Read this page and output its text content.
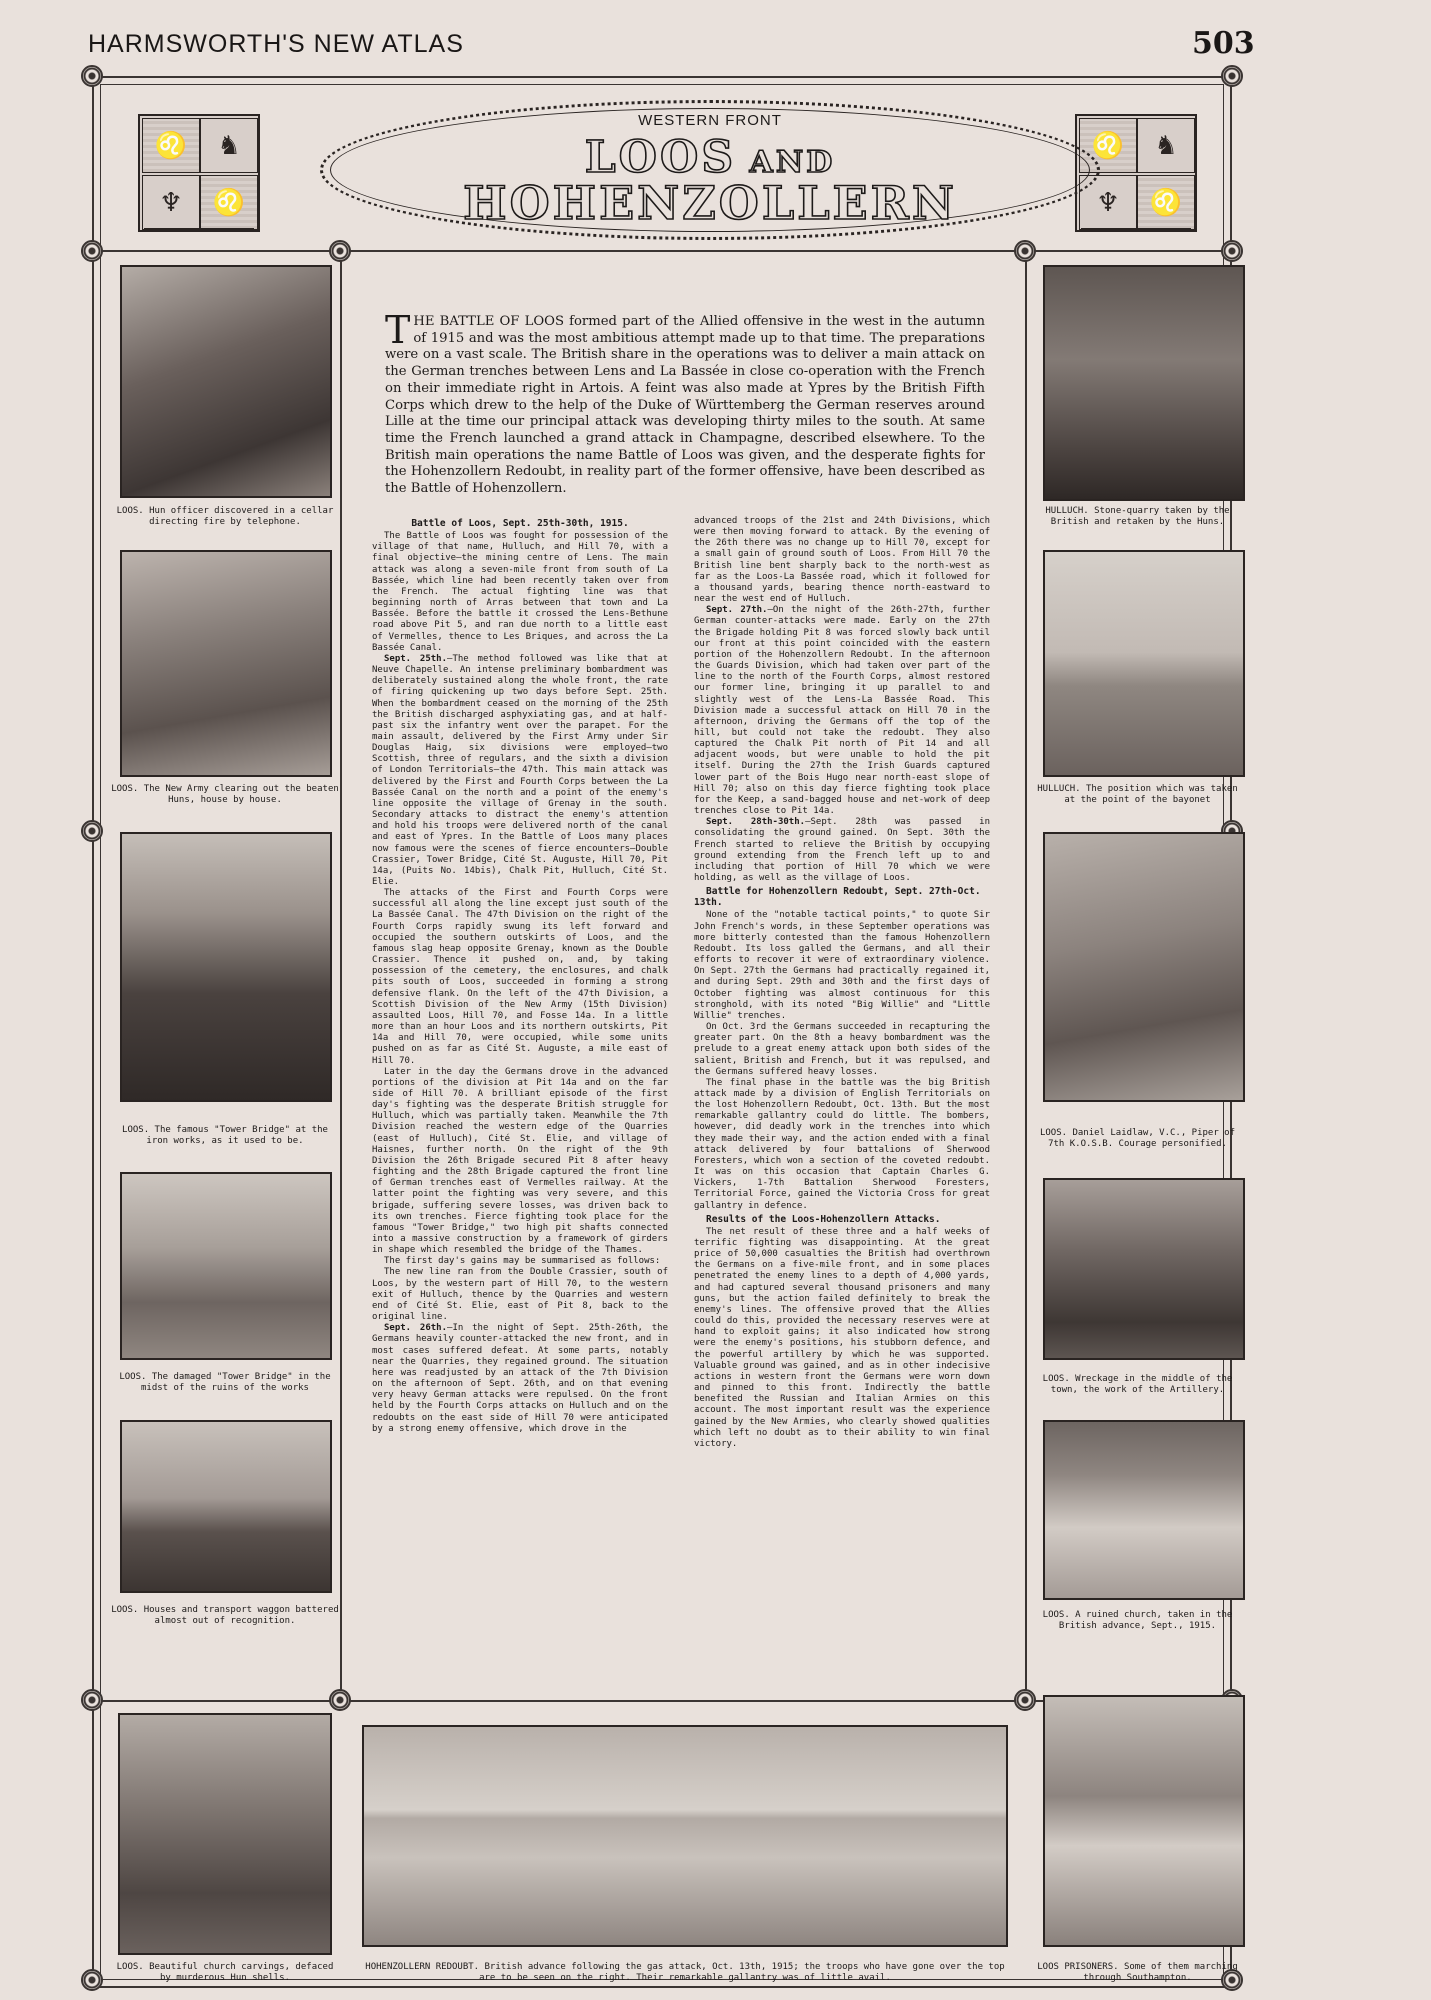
HARMSWORTH'S NEW ATLAS	503
♌	♞
♆	♌
♌	♞
♆	♌
WESTERN FRONT
LOOS AND
HOHENZOLLERN
LOOS. Hun officer discovered in a cellar directing fire by telephone.
LOOS. The New Army clearing out the beaten Huns, house by house.
LOOS. The famous "Tower Bridge" at the iron works, as it used to be.
LOOS. The damaged "Tower Bridge" in the midst of the ruins of the works
LOOS. Houses and transport waggon battered almost out of recognition.
HULLUCH. Stone-quarry taken by the British and retaken by the Huns.
HULLUCH. The position which was taken at the point of the bayonet
LOOS. Daniel Laidlaw, V.C., Piper of 7th K.O.S.B. Courage personified.
LOOS. Wreckage in the middle of the town, the work of the Artillery.
LOOS. A ruined church, taken in the British advance, Sept., 1915.
LOOS. Beautiful church carvings, defaced by murderous Hun shells.
HOHENZOLLERN REDOUBT. British advance following the gas attack, Oct. 13th, 1915; the troops who have gone over the top are to be seen on the right. Their remarkable gallantry was of little avail.
LOOS PRISONERS. Some of them marching through Southampton.
THE BATTLE OF LOOS formed part of the Allied offensive in the west in the autumn of 1915 and was the most ambitious attempt made up to that time. The preparations were on a vast scale. The British share in the operations was to deliver a main attack on the German trenches between Lens and La Bassée in close co-operation with the French on their immediate right in Artois. A feint was also made at Ypres by the British Fifth Corps which drew to the help of the Duke of Württemberg the German reserves around Lille at the time our principal attack was developing thirty miles to the south. At same time the French launched a grand attack in Champagne, described elsewhere. To the British main operations the name Battle of Loos was given, and the desperate fights for the Hohenzollern Redoubt, in reality part of the former offensive, have been described as the Battle of Hohenzollern.
Battle of Loos, Sept. 25th-30th, 1915.

The Battle of Loos was fought for possession of the village of that name, Hulluch, and Hill 70, with a final objective—the mining centre of Lens. The main attack was along a seven-mile front from south of La Bassée, which line had been recently taken over from the French. The actual fighting line was that beginning north of Arras between that town and La Bassée. Before the battle it crossed the Lens-Bethune road above Pit 5, and ran due north to a little east of Vermelles, thence to Les Briques, and across the La Bassée Canal.

Sept. 25th.—The method followed was like that at Neuve Chapelle. An intense preliminary bombardment was deliberately sustained along the whole front, the rate of firing quickening up two days before Sept. 25th. When the bombardment ceased on the morning of the 25th the British discharged asphyxiating gas, and at half-past six the infantry went over the parapet. For the main assault, delivered by the First Army under Sir Douglas Haig, six divisions were employed—two Scottish, three of regulars, and the sixth a division of London Territorials—the 47th. This main attack was delivered by the First and Fourth Corps between the La Bassée Canal on the north and a point of the enemy's line opposite the village of Grenay in the south. Secondary attacks to distract the enemy's attention and hold his troops were delivered north of the canal and east of Ypres. In the Battle of Loos many places now famous were the scenes of fierce encounters—Double Crassier, Tower Bridge, Cité St. Auguste, Hill 70, Pit 14a, (Puits No. 14bis), Chalk Pit, Hulluch, Cité St. Elie.

The attacks of the First and Fourth Corps were successful all along the line except just south of the La Bassée Canal. The 47th Division on the right of the Fourth Corps rapidly swung its left forward and occupied the southern outskirts of Loos, and the famous slag heap opposite Grenay, known as the Double Crassier. Thence it pushed on, and, by taking possession of the cemetery, the enclosures, and chalk pits south of Loos, succeeded in forming a strong defensive flank. On the left of the 47th Division, a Scottish Division of the New Army (15th Division) assaulted Loos, Hill 70, and Fosse 14a. In a little more than an hour Loos and its northern outskirts, Pit 14a and Hill 70, were occupied, while some units pushed on as far as Cité St. Auguste, a mile east of Hill 70.

Later in the day the Germans drove in the advanced portions of the division at Pit 14a and on the far side of Hill 70. A brilliant episode of the first day's fighting was the desperate British struggle for Hulluch, which was partially taken. Meanwhile the 7th Division reached the western edge of the Quarries (east of Hulluch), Cité St. Elie, and village of Haisnes, further north. On the right of the 9th Division the 26th Brigade secured Pit 8 after heavy fighting and the 28th Brigade captured the front line of German trenches east of Vermelles railway. At the latter point the fighting was very severe, and this brigade, suffering severe losses, was driven back to its own trenches. Fierce fighting took place for the famous "Tower Bridge," two high pit shafts connected into a massive construction by a framework of girders in shape which resembled the bridge of the Thames.

The first day's gains may be summarised as follows:

The new line ran from the Double Crassier, south of Loos, by the western part of Hill 70, to the western exit of Hulluch, thence by the Quarries and western end of Cité St. Elie, east of Pit 8, back to the original line.

Sept. 26th.—In the night of Sept. 25th-26th, the Germans heavily counter-attacked the new front, and in most cases suffered defeat. At some parts, notably near the Quarries, they regained ground. The situation here was readjusted by an attack of the 7th Division on the afternoon of Sept. 26th, and on that evening very heavy German attacks were repulsed. On the front held by the Fourth Corps attacks on Hulluch and on the redoubts on the east side of Hill 70 were anticipated by a strong enemy offensive, which drove in the

advanced troops of the 21st and 24th Divisions, which were then moving forward to attack. By the evening of the 26th there was no change up to Hill 70, except for a small gain of ground south of Loos. From Hill 70 the British line bent sharply back to the north-west as far as the Loos-La Bassée road, which it followed for a thousand yards, bearing thence north-eastward to near the west end of Hulluch.

Sept. 27th.—On the night of the 26th-27th, further German counter-attacks were made. Early on the 27th the Brigade holding Pit 8 was forced slowly back until our front at this point coincided with the eastern portion of the Hohenzollern Redoubt. In the afternoon the Guards Division, which had taken over part of the line to the north of the Fourth Corps, almost restored our former line, bringing it up parallel to and slightly west of the Lens-La Bassée Road. This Division made a successful attack on Hill 70 in the afternoon, driving the Germans off the top of the hill, but could not take the redoubt. They also captured the Chalk Pit north of Pit 14 and all adjacent woods, but were unable to hold the pit itself. During the 27th the Irish Guards captured lower part of the Bois Hugo near north-east slope of Hill 70; also on this day fierce fighting took place for the Keep, a sand-bagged house and net-work of deep trenches close to Pit 14a.

Sept. 28th-30th.—Sept. 28th was passed in consolidating the ground gained. On Sept. 30th the French started to relieve the British by occupying ground extending from the French left up to and including that portion of Hill 70 which we were holding, as well as the village of Loos.

Battle for Hohenzollern Redoubt, Sept. 27th-Oct. 13th.

None of the "notable tactical points," to quote Sir John French's words, in these September operations was more bitterly contested than the famous Hohenzollern Redoubt. Its loss galled the Germans, and all their efforts to recover it were of extraordinary violence. On Sept. 27th the Germans had practically regained it, and during Sept. 29th and 30th and the first days of October fighting was almost continuous for this stronghold, with its noted "Big Willie" and "Little Willie" trenches.

On Oct. 3rd the Germans succeeded in recapturing the greater part. On the 8th a heavy bombardment was the prelude to a great enemy attack upon both sides of the salient, British and French, but it was repulsed, and the Germans suffered heavy losses.

The final phase in the battle was the big British attack made by a division of English Territorials on the lost Hohenzollern Redoubt, Oct. 13th. But the most remarkable gallantry could do little. The bombers, however, did deadly work in the trenches into which they made their way, and the action ended with a final attack delivered by four battalions of Sherwood Foresters, which won a section of the coveted redoubt. It was on this occasion that Captain Charles G. Vickers, 1-7th Battalion Sherwood Foresters, Territorial Force, gained the Victoria Cross for great gallantry in defence.

Results of the Loos-Hohenzollern Attacks.

The net result of these three and a half weeks of terrific fighting was disappointing. At the great price of 50,000 casualties the British had overthrown the Germans on a five-mile front, and in some places penetrated the enemy lines to a depth of 4,000 yards, and had captured several thousand prisoners and many guns, but the action failed definitely to break the enemy's lines. The offensive proved that the Allies could do this, provided the necessary reserves were at hand to exploit gains; it also indicated how strong were the enemy's positions, his stubborn defence, and the powerful artillery by which he was supported. Valuable ground was gained, and as in other indecisive actions in western front the Germans were worn down and pinned to this front. Indirectly the battle benefited the Russian and Italian Armies on this account. The most important result was the experience gained by the New Armies, who clearly showed qualities which left no doubt as to their ability to win final victory.
